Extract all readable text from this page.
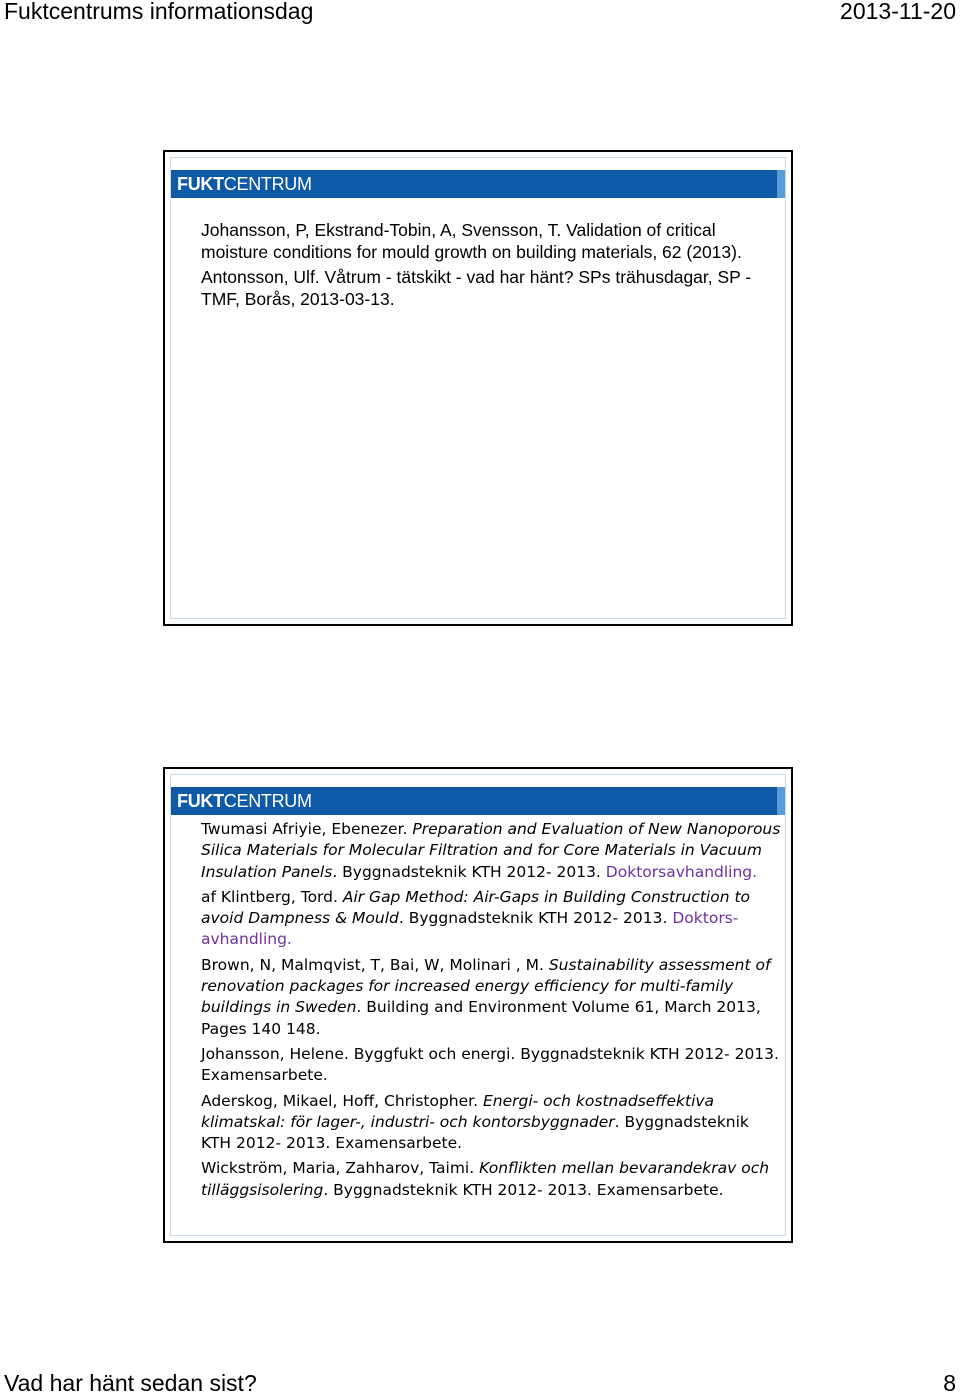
Fuktcentrums informationsdag	2013-11-20
FUKTCENTRUM
Johansson, P, Ekstrand-Tobin, A, Svensson, T. Validation of critical moisture conditions for mould growth on building materials, 62 (2013).
Antonsson, Ulf. Våtrum - tätskikt - vad har hänt? SPs trähusdagar, SP - TMF, Borås, 2013-03-13.
FUKTCENTRUM
Twumasi Afriyie, Ebenezer. Preparation and Evaluation of New Nanoporous Silica Materials for Molecular Filtration and for Core Materials in Vacuum Insulation Panels. Byggnadsteknik KTH 2012- 2013. Doktorsavhandling.
af Klintberg, Tord. Air Gap Method: Air-Gaps in Building Construction to avoid Dampness & Mould. Byggnadsteknik KTH 2012- 2013. Doktors-avhandling.
Brown, N, Malmqvist, T, Bai, W, Molinari , M. Sustainability assessment of renovation packages for increased energy efficiency for multi-family buildings in Sweden. Building and Environment Volume 61, March 2013, Pages 140 148.
Johansson, Helene. Byggfukt och energi. Byggnadsteknik KTH 2012- 2013. Examensarbete.
Aderskog, Mikael, Hoff, Christopher. Energi- och kostnadseffektiva klimatskal: för lager-, industri- och kontorsbyggnader. Byggnadsteknik KTH 2012- 2013. Examensarbete.
Wickström, Maria, Zahharov, Taimi. Konflikten mellan bevarandekrav och tilläggsisolering. Byggnadsteknik KTH 2012- 2013. Examensarbete.
Vad har hänt sedan sist?	8
